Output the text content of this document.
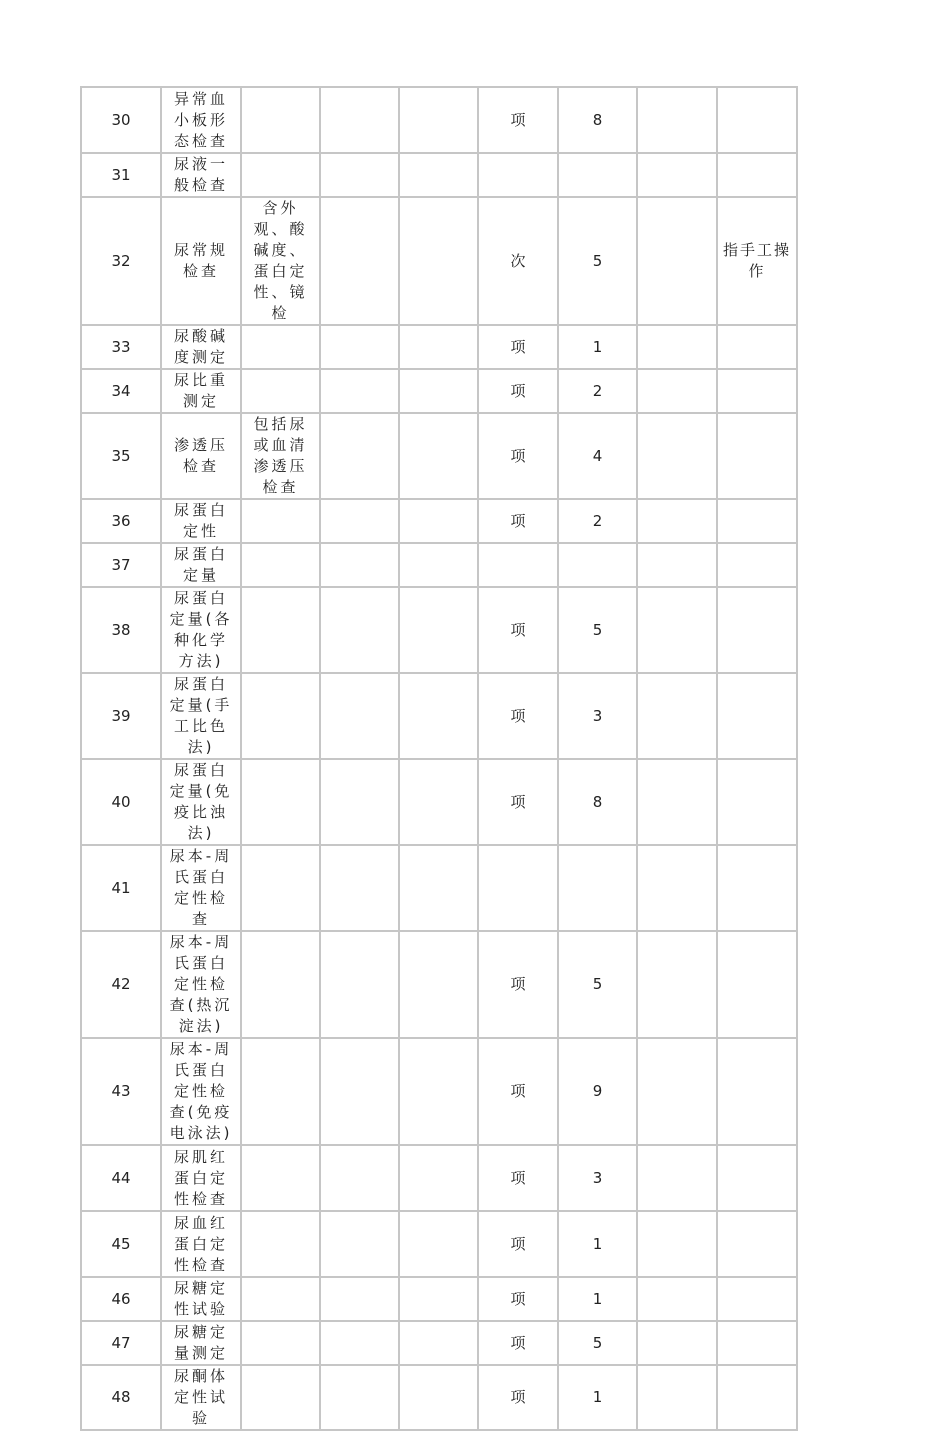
30	异常血小板形态检查				项	8		
31	尿液一般检查							
32	尿常规检查	含外观、酸碱度、蛋白定性、镜检			次	5		指手工操作
33	尿酸碱度测定				项	1		
34	尿比重测定				项	2		
35	渗透压检查	包括尿或血清渗透压检查			项	4		
36	尿蛋白定性				项	2		
37	尿蛋白定量							
38	尿蛋白定量(各种化学方法)				项	5		
39	尿蛋白定量(手工比色法)				项	3		
40	尿蛋白定量(免疫比浊法)				项	8		
41	尿本-周氏蛋白定性检查							
42	尿本-周氏蛋白定性检查(热沉淀法)				项	5		
43	尿本-周氏蛋白定性检查(免疫电泳法)				项	9		
44	尿肌红蛋白定性检查				项	3		
45	尿血红蛋白定性检查				项	1		
46	尿糖定性试验				项	1		
47	尿糖定量测定				项	5		
48	尿酮体定性试验				项	1		
